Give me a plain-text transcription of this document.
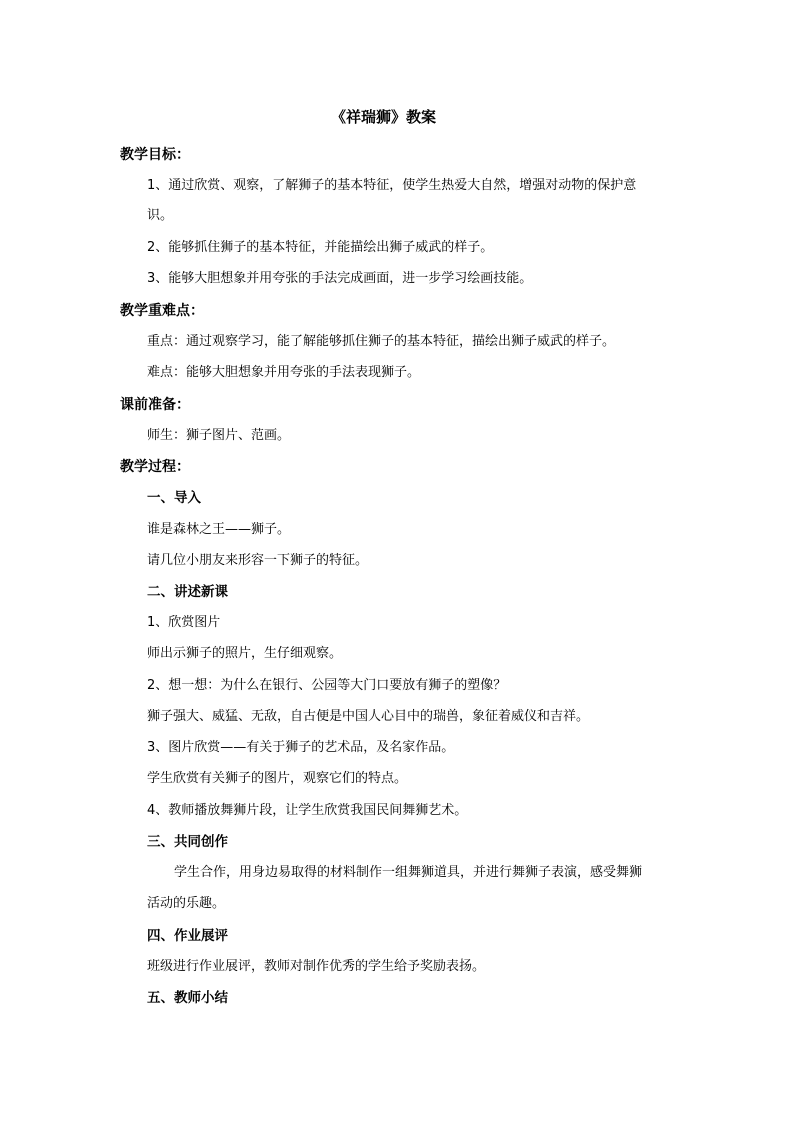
《祥瑞狮》教案
教学目标：
1、通过欣赏、观察，了解狮子的基本特征，使学生热爱大自然，增强对动物的保护意
识。
2、能够抓住狮子的基本特征，并能描绘出狮子威武的样子。
3、能够大胆想象并用夸张的手法完成画面，进一步学习绘画技能。
教学重难点：
重点：通过观察学习，能了解能够抓住狮子的基本特征，描绘出狮子威武的样子。
难点：能够大胆想象并用夸张的手法表现狮子。
课前准备：
师生：狮子图片、范画。
教学过程：
一、导入
谁是森林之王——狮子。
请几位小朋友来形容一下狮子的特征。
二、讲述新课
1、欣赏图片
师出示狮子的照片，生仔细观察。
2、想一想：为什么在银行、公园等大门口要放有狮子的塑像？
狮子强大、威猛、无敌，自古便是中国人心目中的瑞兽，象征着威仪和吉祥。
3、图片欣赏——有关于狮子的艺术品，及名家作品。
学生欣赏有关狮子的图片，观察它们的特点。
4、教师播放舞狮片段，让学生欣赏我国民间舞狮艺术。
三、共同创作
学生合作，用身边易取得的材料制作一组舞狮道具，并进行舞狮子表演，感受舞狮
活动的乐趣。
四、作业展评
班级进行作业展评，教师对制作优秀的学生给予奖励表扬。
五、教师小结
